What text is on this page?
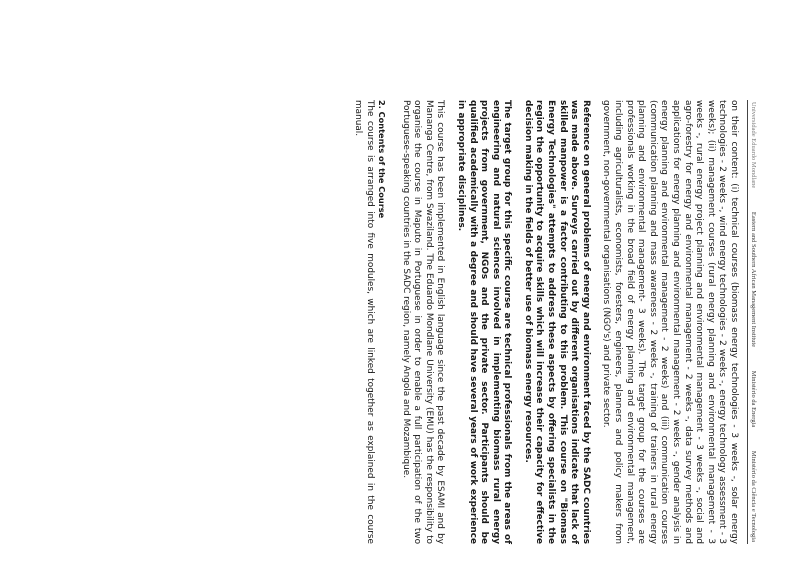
Universidade Eduardo Mondlane
Eastern and Southern African Management Institute
Ministério da Energia
Ministério da Ciência e Tecnologia

on their content: (i) technical courses (biomass energy technologies - 3 weeks -, solar energy technologies - 2 weeks -, wind energy technologies - 2 weeks -, energy technology assessment - 3 weeks); (ii) management courses (rural energy planning and environmental management - 3 weeks -, rural energy project planning and environmental management - 3 weeks -, social and agro-forestry for energy and environmental management - 2 weeks -, data survey methods and applications for energy planning and environmental management - 2 weeks -, gender analysis in energy planning and environmental management - 2 weeks) and (iii) communication courses (communication planning and mass awareness - 2 weeks -, training of trainers in rural energy planning and environmental management- 3 weeks). The target group for the courses are professionals working in the broad field of energy planning and environmental management, including agriculturalists, economists, foresters, engineers, planners and policy makers from government, non-governmental organisations (NGO's) and private sector.

Reference on general problems of energy and environment faced by the SADC countries was made above. Surveys carried out by different organisations indicate that lack of skilled manpower is a factor contributing to this problem. This course on "Biomass Energy Technologies" attempts to address these aspects by offering specialists in the region the opportunity to acquire skills which will increase their capacity for effective decision making in the fields of better use of biomass energy resources.

The target group for this specific course are technical professionals from the areas of engineering and natural sciences involved in implementing biomass rural energy projects from government, NGOs and the private sector. Participants should be qualified academically with a degree and should have several years of work experience in appropriate disciplines.

This course has been implemented in English language since the past decade by ESAMI and by Mananga Centre, from Swaziland. The Eduardo Mondlane University (EMU) has the responsibility to organise the course in Maputo in Portuguese in order to enable a full participation of the two Portuguese-speaking countries in the SADC region, namely Angola and Mozambique.

2. Contents of the Course

The course is arranged into five modules, which are linked together as explained in the course manual.
